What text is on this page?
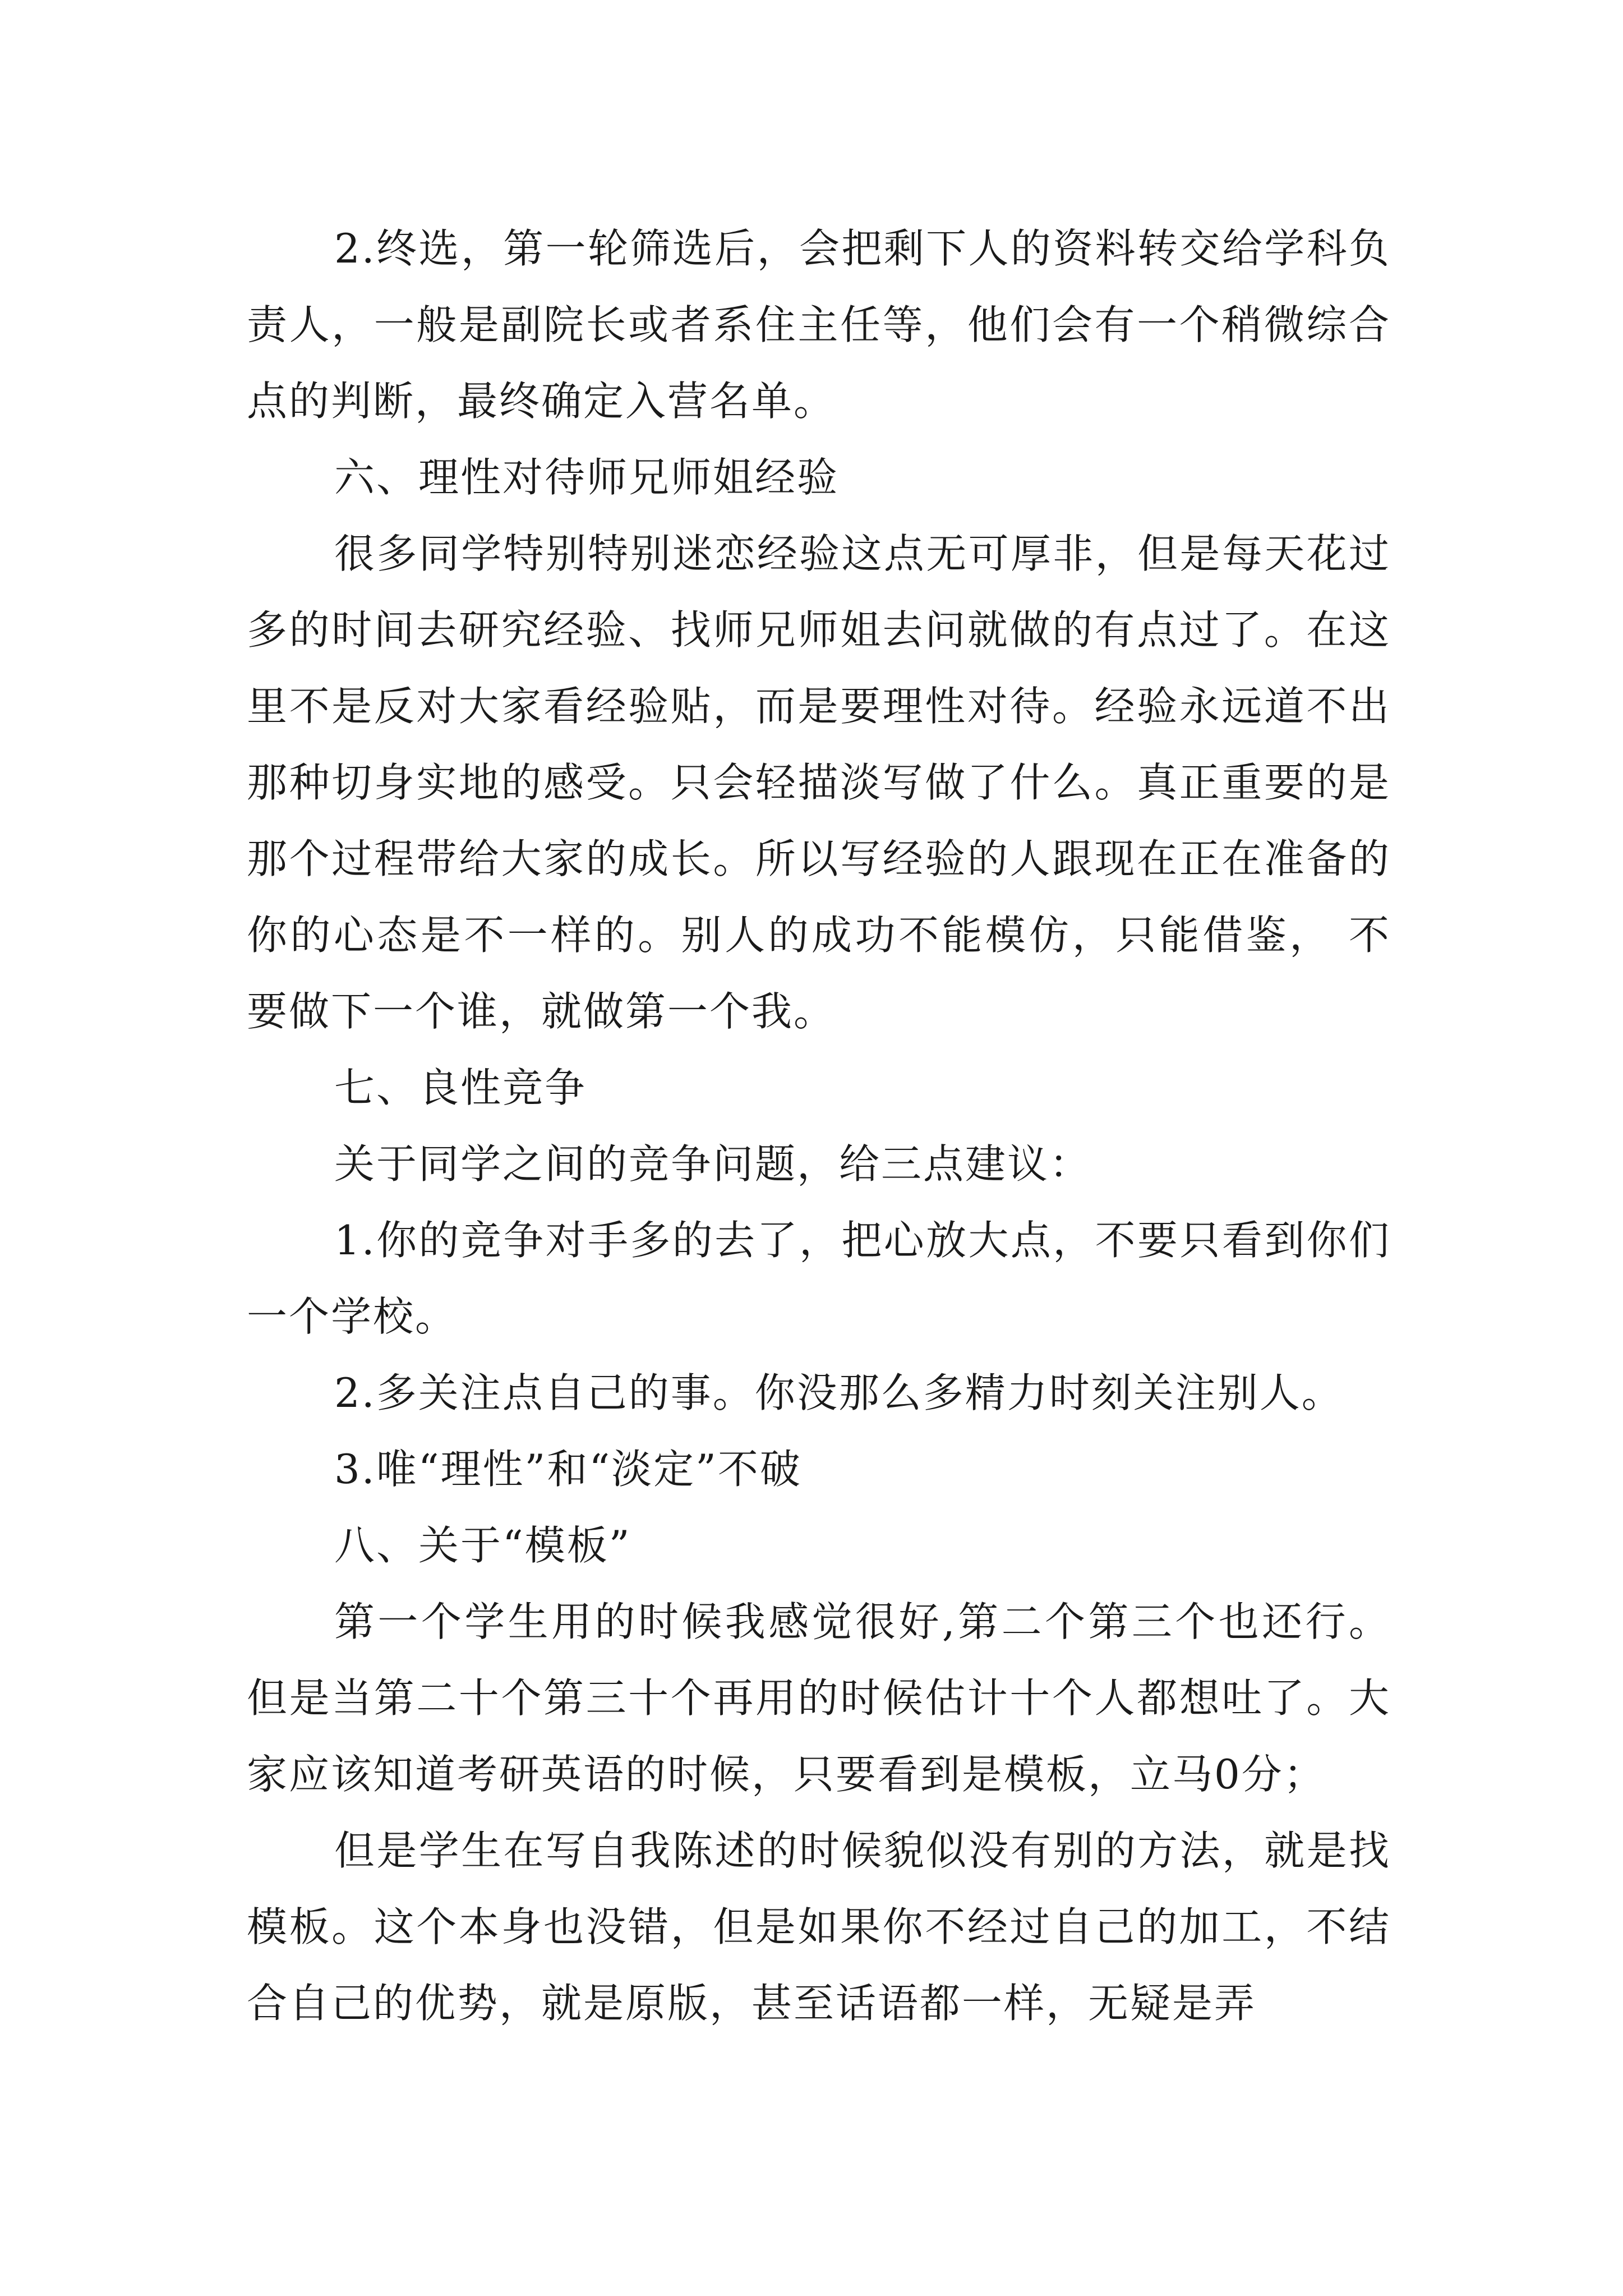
2.终选，第一轮筛选后，会把剩下人的资料转交给学科负责人，一般是副院长或者系住主任等，他们会有一个稍微综合点的判断，最终确定入营名单。

六、理性对待师兄师姐经验

很多同学特别特别迷恋经验这点无可厚非，但是每天花过多的时间去研究经验、找师兄师姐去问就做的有点过了。在这里不是反对大家看经验贴，而是要理性对待。经验永远道不出那种切身实地的感受。只会轻描淡写做了什么。真正重要的是那个过程带给大家的成长。所以写经验的人跟现在正在准备的你的心态是不一样的。别人的成功不能模仿，只能借鉴， 不要做下一个谁，就做第一个我。

七、良性竞争

关于同学之间的竞争问题，给三点建议：

1.你的竞争对手多的去了，把心放大点，不要只看到你们一个学校。

2.多关注点自己的事。你没那么多精力时刻关注别人。

3.唯“理性”和“淡定”不破

八、关于“模板”

第一个学生用的时候我感觉很好,第二个第三个也还行。但是当第二十个第三十个再用的时候估计十个人都想吐了。大家应该知道考研英语的时候，只要看到是模板，立马0分；

但是学生在写自我陈述的时候貌似没有别的方法，就是找模板。这个本身也没错，但是如果你不经过自己的加工，不结合自己的优势，就是原版，甚至话语都一样，无疑是弄
